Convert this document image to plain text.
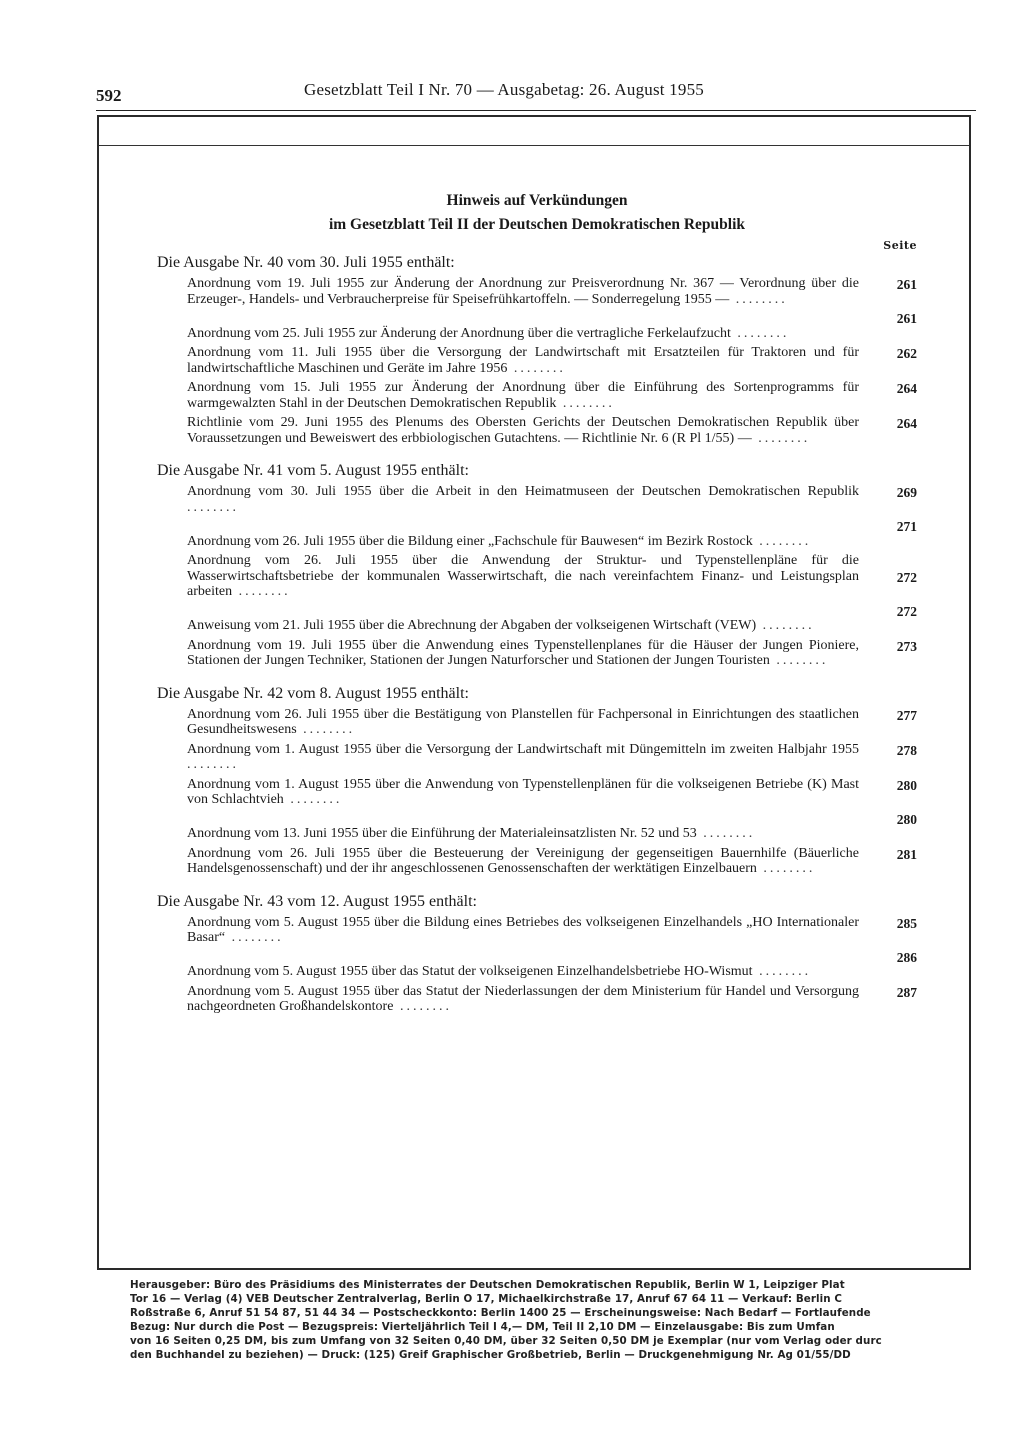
592	Gesetzblatt Teil I Nr. 70 — Ausgabetag: 26. August 1955
Hinweis auf Verkündungen
im Gesetzblatt Teil II der Deutschen Demokratischen Republik
Seite
Die Ausgabe Nr. 40 vom 30. Juli 1955 enthält:
Anordnung vom 19. Juli 1955 zur Änderung der Anordnung zur Preisverordnung Nr. 367 — Verordnung über die Erzeuger-, Handels- und Verbraucherpreise für Speisefrühkartoffeln. — Sonderregelung 1955 — ........
261
Anordnung vom 25. Juli 1955 zur Änderung der Anordnung über die vertragliche Ferkelaufzucht ........
261
Anordnung vom 11. Juli 1955 über die Versorgung der Landwirtschaft mit Ersatzteilen für Traktoren und für landwirtschaftliche Maschinen und Geräte im Jahre 1956 ........
262
Anordnung vom 15. Juli 1955 zur Änderung der Anordnung über die Einführung des Sortenprogramms für warmgewalzten Stahl in der Deutschen Demokratischen Republik ........
264
Richtlinie vom 29. Juni 1955 des Plenums des Obersten Gerichts der Deutschen Demokratischen Republik über Voraussetzungen und Beweiswert des erbbiologischen Gutachtens. — Richtlinie Nr. 6 (R Pl 1/55) — ........
264
Die Ausgabe Nr. 41 vom 5. August 1955 enthält:
Anordnung vom 30. Juli 1955 über die Arbeit in den Heimatmuseen der Deutschen Demokratischen Republik ........
269
Anordnung vom 26. Juli 1955 über die Bildung einer „Fachschule für Bauwesen“ im Bezirk Rostock ........
271
Anordnung vom 26. Juli 1955 über die Anwendung der Struktur- und Typenstellenpläne für die Wasserwirtschaftsbetriebe der kommunalen Wasserwirtschaft, die nach vereinfachtem Finanz- und Leistungsplan arbeiten ........
272
Anweisung vom 21. Juli 1955 über die Abrechnung der Abgaben der volkseigenen Wirtschaft (VEW) ........
272
Anordnung vom 19. Juli 1955 über die Anwendung eines Typenstellenplanes für die Häuser der Jungen Pioniere, Stationen der Jungen Techniker, Stationen der Jungen Naturforscher und Stationen der Jungen Touristen ........
273
Die Ausgabe Nr. 42 vom 8. August 1955 enthält:
Anordnung vom 26. Juli 1955 über die Bestätigung von Planstellen für Fachpersonal in Einrichtungen des staatlichen Gesundheitswesens ........
277
Anordnung vom 1. August 1955 über die Versorgung der Landwirtschaft mit Düngemitteln im zweiten Halbjahr 1955 ........
278
Anordnung vom 1. August 1955 über die Anwendung von Typenstellenplänen für die volkseigenen Betriebe (K) Mast von Schlachtvieh ........
280
Anordnung vom 13. Juni 1955 über die Einführung der Materialeinsatzlisten Nr. 52 und 53 ........
280
Anordnung vom 26. Juli 1955 über die Besteuerung der Vereinigung der gegenseitigen Bauernhilfe (Bäuerliche Handelsgenossenschaft) und der ihr angeschlossenen Genossenschaften der werktätigen Einzelbauern ........
281
Die Ausgabe Nr. 43 vom 12. August 1955 enthält:
Anordnung vom 5. August 1955 über die Bildung eines Betriebes des volkseigenen Einzelhandels „HO Internationaler Basar“ ........
285
Anordnung vom 5. August 1955 über das Statut der volkseigenen Einzelhandelsbetriebe HO-Wismut ........
286
Anordnung vom 5. August 1955 über das Statut der Niederlassungen der dem Ministerium für Handel und Versorgung nachgeordneten Großhandelskontore ........
287
Herausgeber: Büro des Präsidiums des Ministerrates der Deutschen Demokratischen Republik, Berlin W 1, Leipziger Plat
Tor 16 — Verlag (4) VEB Deutscher Zentralverlag, Berlin O 17, Michaelkirchstraße 17, Anruf 67 64 11 — Verkauf: Berlin C
Roßstraße 6, Anruf 51 54 87, 51 44 34 — Postscheckkonto: Berlin 1400 25 — Erscheinungsweise: Nach Bedarf — Fortlaufende
Bezug: Nur durch die Post — Bezugspreis: Vierteljährlich Teil I 4,— DM, Teil II 2,10 DM — Einzelausgabe: Bis zum Umfan
von 16 Seiten 0,25 DM, bis zum Umfang von 32 Seiten 0,40 DM, über 32 Seiten 0,50 DM je Exemplar (nur vom Verlag oder durc
den Buchhandel zu beziehen) — Druck: (125) Greif Graphischer Großbetrieb, Berlin — Druckgenehmigung Nr. Ag 01/55/DD
